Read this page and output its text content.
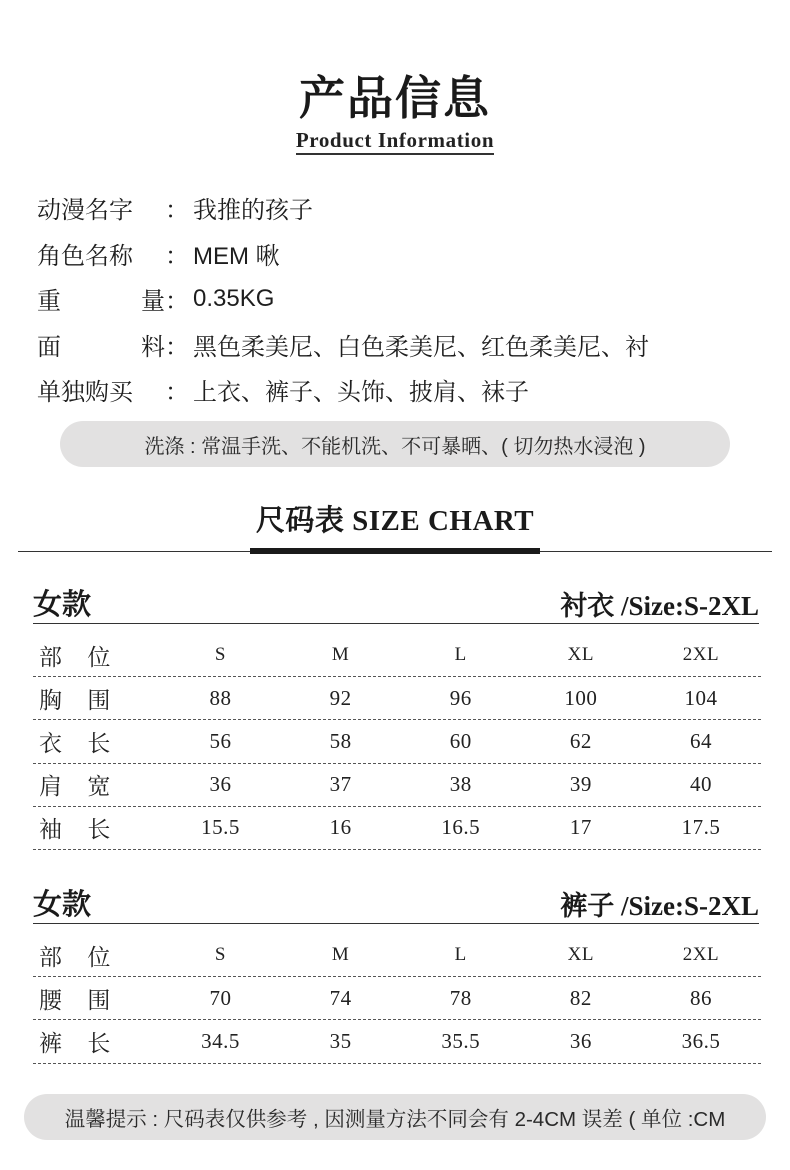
产品信息
Product Information
动漫名字 ： 我推的孩子
角色名称 ： MEM 啾
重	量 ： 0.35KG
面	料 ： 黑色柔美尼、白色柔美尼、红色柔美尼、衬
单独购买 ： 上衣、裤子、头饰、披肩、袜子
洗涤 : 常温手洗、不能机洗、不可暴晒、( 切勿热水浸泡 )
尺码表 SIZE CHART
女款	衬衣 /Size:S-2XL
部 位	S	M	L	XL	2XL
胸 围	88	92	96	100	104
衣 长	56	58	60	62	64
肩 宽	36	37	38	39	40
袖 长	15.5	16	16.5	17	17.5
女款	裤子 /Size:S-2XL
部 位	S	M	L	XL	2XL
腰 围	70	74	78	82	86
裤 长	34.5	35	35.5	36	36.5
温馨提示 : 尺码表仅供参考 , 因测量方法不同会有 2-4CM 误差 ( 单位 :CM
